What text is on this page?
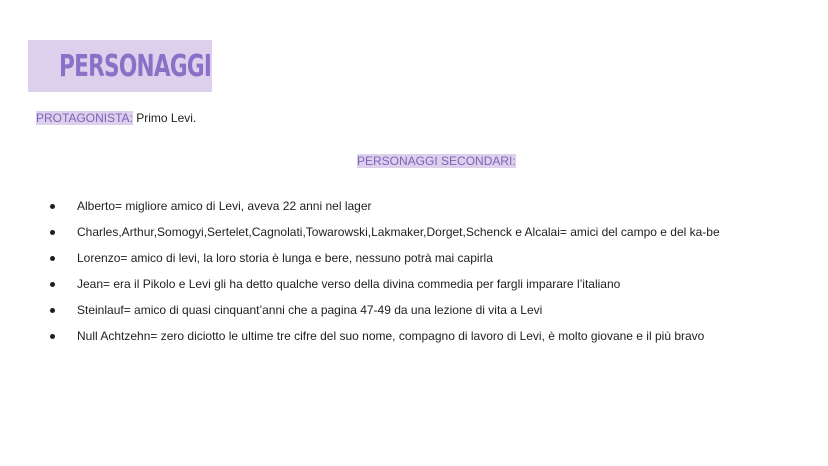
PERSONAGGI
PROTAGONISTA: Primo Levi.
PERSONAGGI SECONDARI:
Alberto= migliore amico di Levi, aveva 22 anni nel lager
Charles,Arthur,Somogyi,Sertelet,Cagnolati,Towarowski,Lakmaker,Dorget,Schenck e Alcalai= amici del campo e del ka-be
Lorenzo= amico di levi, la loro storia è lunga e bere, nessuno potrà mai capirla
Jean= era il Pikolo e Levi gli ha detto qualche verso della divina commedia per fargli imparare l’italiano
Steinlauf= amico di quasi cinquant’anni che a pagina 47-49 da una lezione di vita a Levi
Null Achtzehn= zero diciotto le ultime tre cifre del suo nome, compagno di lavoro di Levi, è molto giovane e il più bravo
